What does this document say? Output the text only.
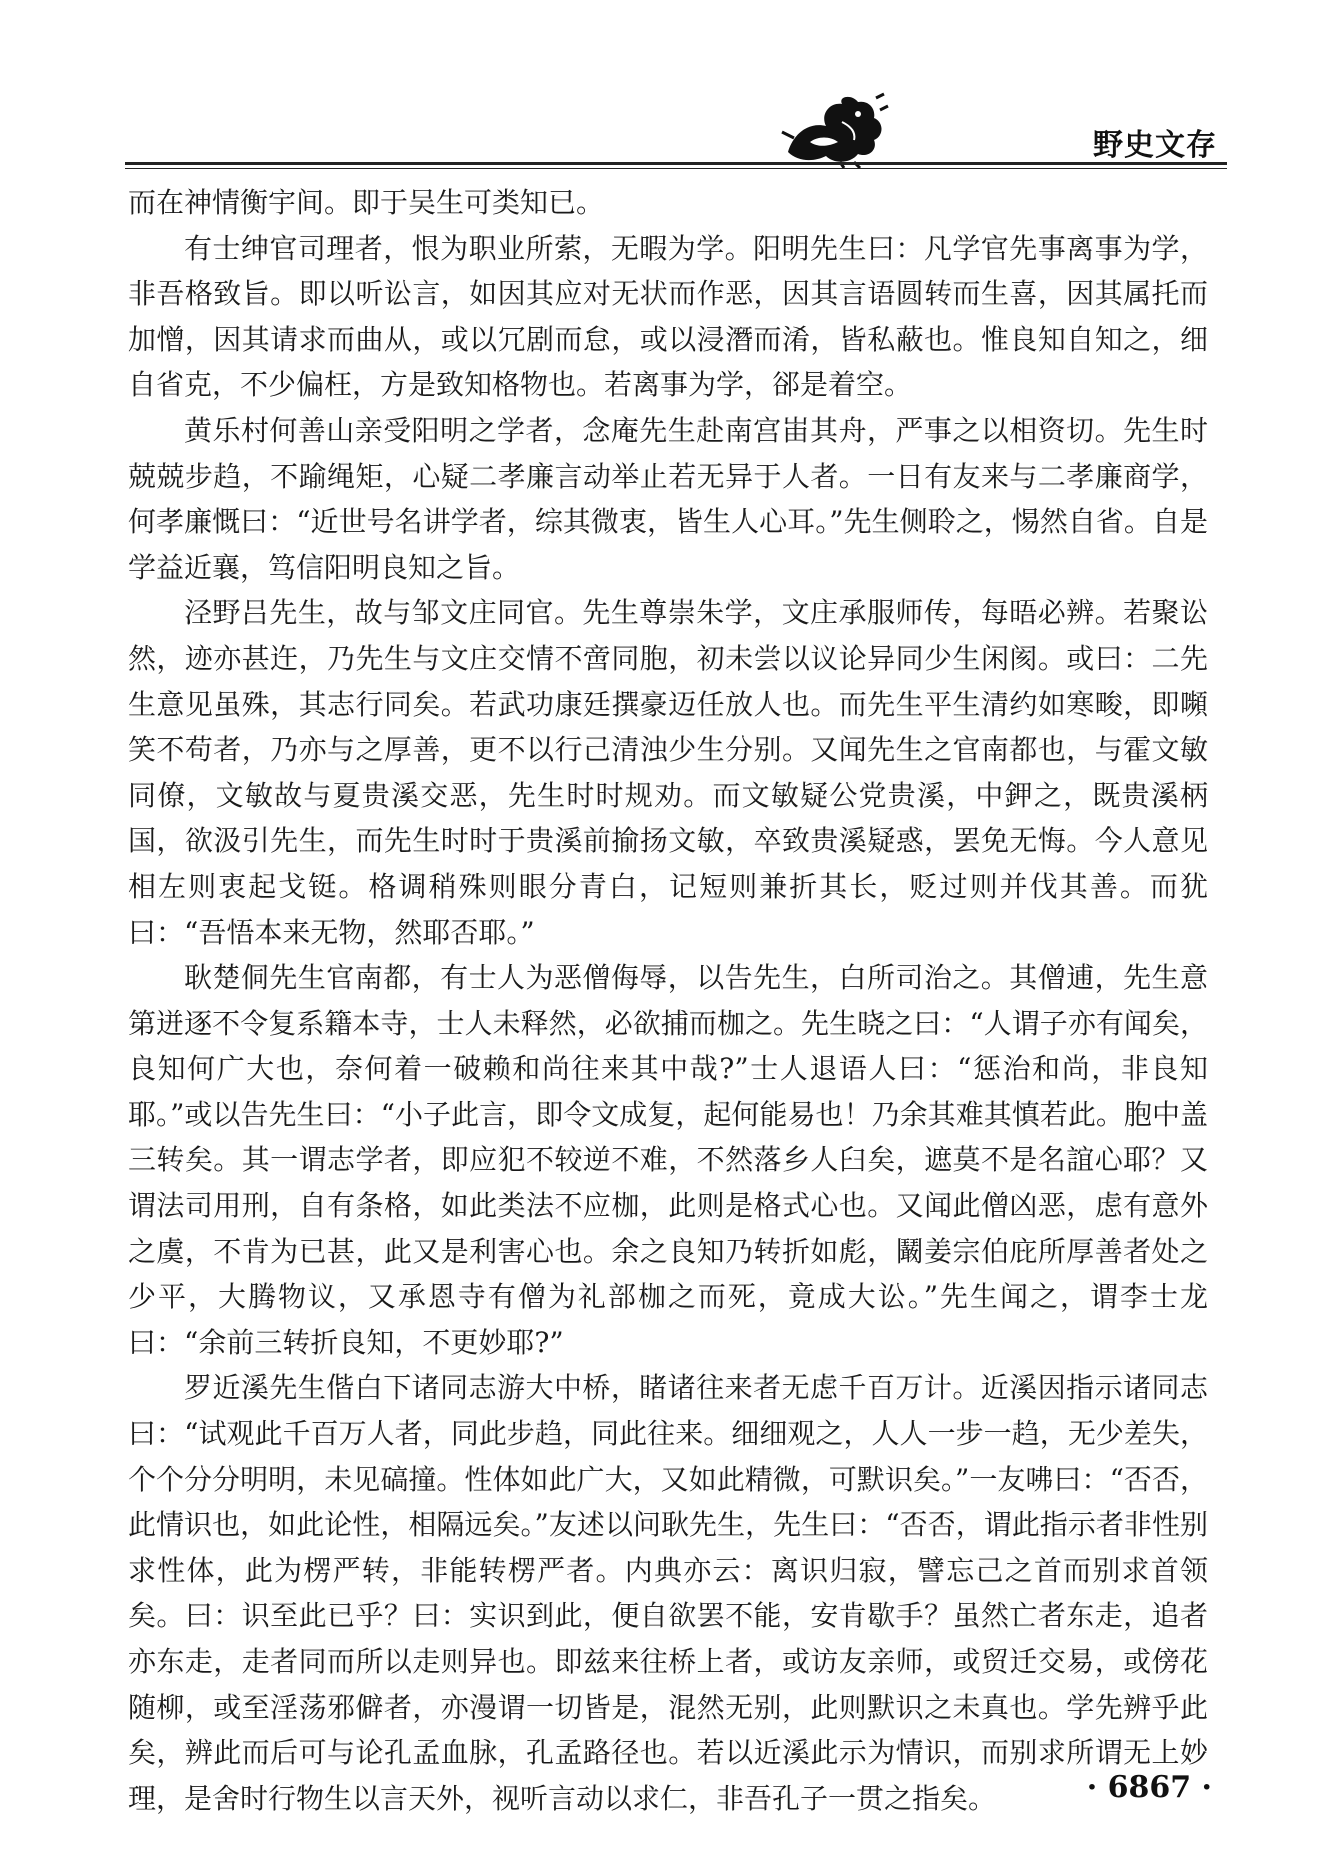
野史文存

而在神情衡宇间。即于吴生可类知已。

有士绅官司理者，恨为职业所萦，无暇为学。阳明先生曰：凡学官先事离事为学，非吾格致旨。即以听讼言，如因其应对无状而作恶，因其言语圆转而生喜，因其属托而加憎，因其请求而曲从，或以冗剧而怠，或以浸潛而淆，皆私蔽也。惟良知自知之，细自省克，不少偏枉，方是致知格物也。若离事为学，郤是着空。

黄乐村何善山亲受阳明之学者，念庵先生赴南宫峀其舟，严事之以相资切。先生时兢兢步趋，不踰绳矩，心疑二孝廉言动举止若无异于人者。一日有友来与二孝廉商学，何孝廉慨曰：“近世号名讲学者，综其微衷，皆生人心耳。”先生侧聆之，惕然自省。自是学益近襄，笃信阳明良知之旨。

泾野吕先生，故与邹文庄同官。先生尊崇朱学，文庄承服师传，每晤必辨。若聚讼然，迹亦甚迕，乃先生与文庄交情不啻同胞，初未尝以议论异同少生闲阂。或曰：二先生意见虽殊，其志行同矣。若武功康廷撰豪迈任放人也。而先生平生清约如寒畯，即嚬笑不苟者，乃亦与之厚善，更不以行己清浊少生分别。又闻先生之官南都也，与霍文敏同僚，文敏故与夏贵溪交恶，先生时时规劝。而文敏疑公党贵溪，中鉀之，既贵溪柄国，欲汲引先生，而先生时时于贵溪前揄扬文敏，卒致贵溪疑惑，罢免无悔。今人意见相左则衷起戈铤。格调稍殊则眼分青白，记短则兼折其长，贬过则并伐其善。而犹曰：“吾悟本来无物，然耶否耶。”

耿楚侗先生官南都，有士人为恶僧侮辱，以告先生，白所司治之。其僧逋，先生意第迸逐不令复系籍本寺，士人未释然，必欲捕而枷之。先生晓之曰：“人谓子亦有闻矣，良知何广大也，奈何着一破赖和尚往来其中哉?”士人退语人曰：“惩治和尚，非良知耶。”或以告先生曰：“小子此言，即令文成复，起何能易也！乃余其难其慎若此。胞中盖三转矣。其一谓志学者，即应犯不较逆不难，不然落乡人臼矣，遮莫不是名誼心耶？又谓法司用刑，自有条格，如此类法不应枷，此则是格式心也。又闻此僧凶恶，虑有意外之虞，不肯为已甚，此又是利害心也。余之良知乃转折如彪，鬫姜宗伯庇所厚善者处之少平，大腾物议，又承恩寺有僧为礼部枷之而死，竟成大讼。”先生闻之，谓李士龙曰：“余前三转折良知，不更妙耶?”

罗近溪先生偕白下诸同志游大中桥，睹诸往来者无虑千百万计。近溪因指示诸同志曰：“试观此千百万人者，同此步趋，同此往来。细细观之，人人一步一趋，无少差失，个个分分明明，未见碻撞。性体如此广大，又如此精微，可默识矣。”一友咈曰：“否否，此情识也，如此论性，相隔远矣。”友述以问耿先生，先生曰：“否否，谓此指示者非性别求性体，此为楞严转，非能转楞严者。内典亦云：离识归寂，譬忘己之首而别求首领矣。曰：识至此已乎？曰：实识到此，便自欲罢不能，安肯歇手？虽然亡者东走，追者亦东走，走者同而所以走则异也。即兹来往桥上者，或访友亲师，或贸迁交易，或傍花随柳，或至淫荡邪僻者，亦漫谓一切皆是，混然无别，此则默识之未真也。学先辨乎此矣，辨此而后可与论孔孟血脉，孔孟路径也。若以近溪此示为情识，而别求所谓无上妙理，是舍时行物生以言天外，视听言动以求仁，非吾孔子一贯之指矣。	· 6867 ·
